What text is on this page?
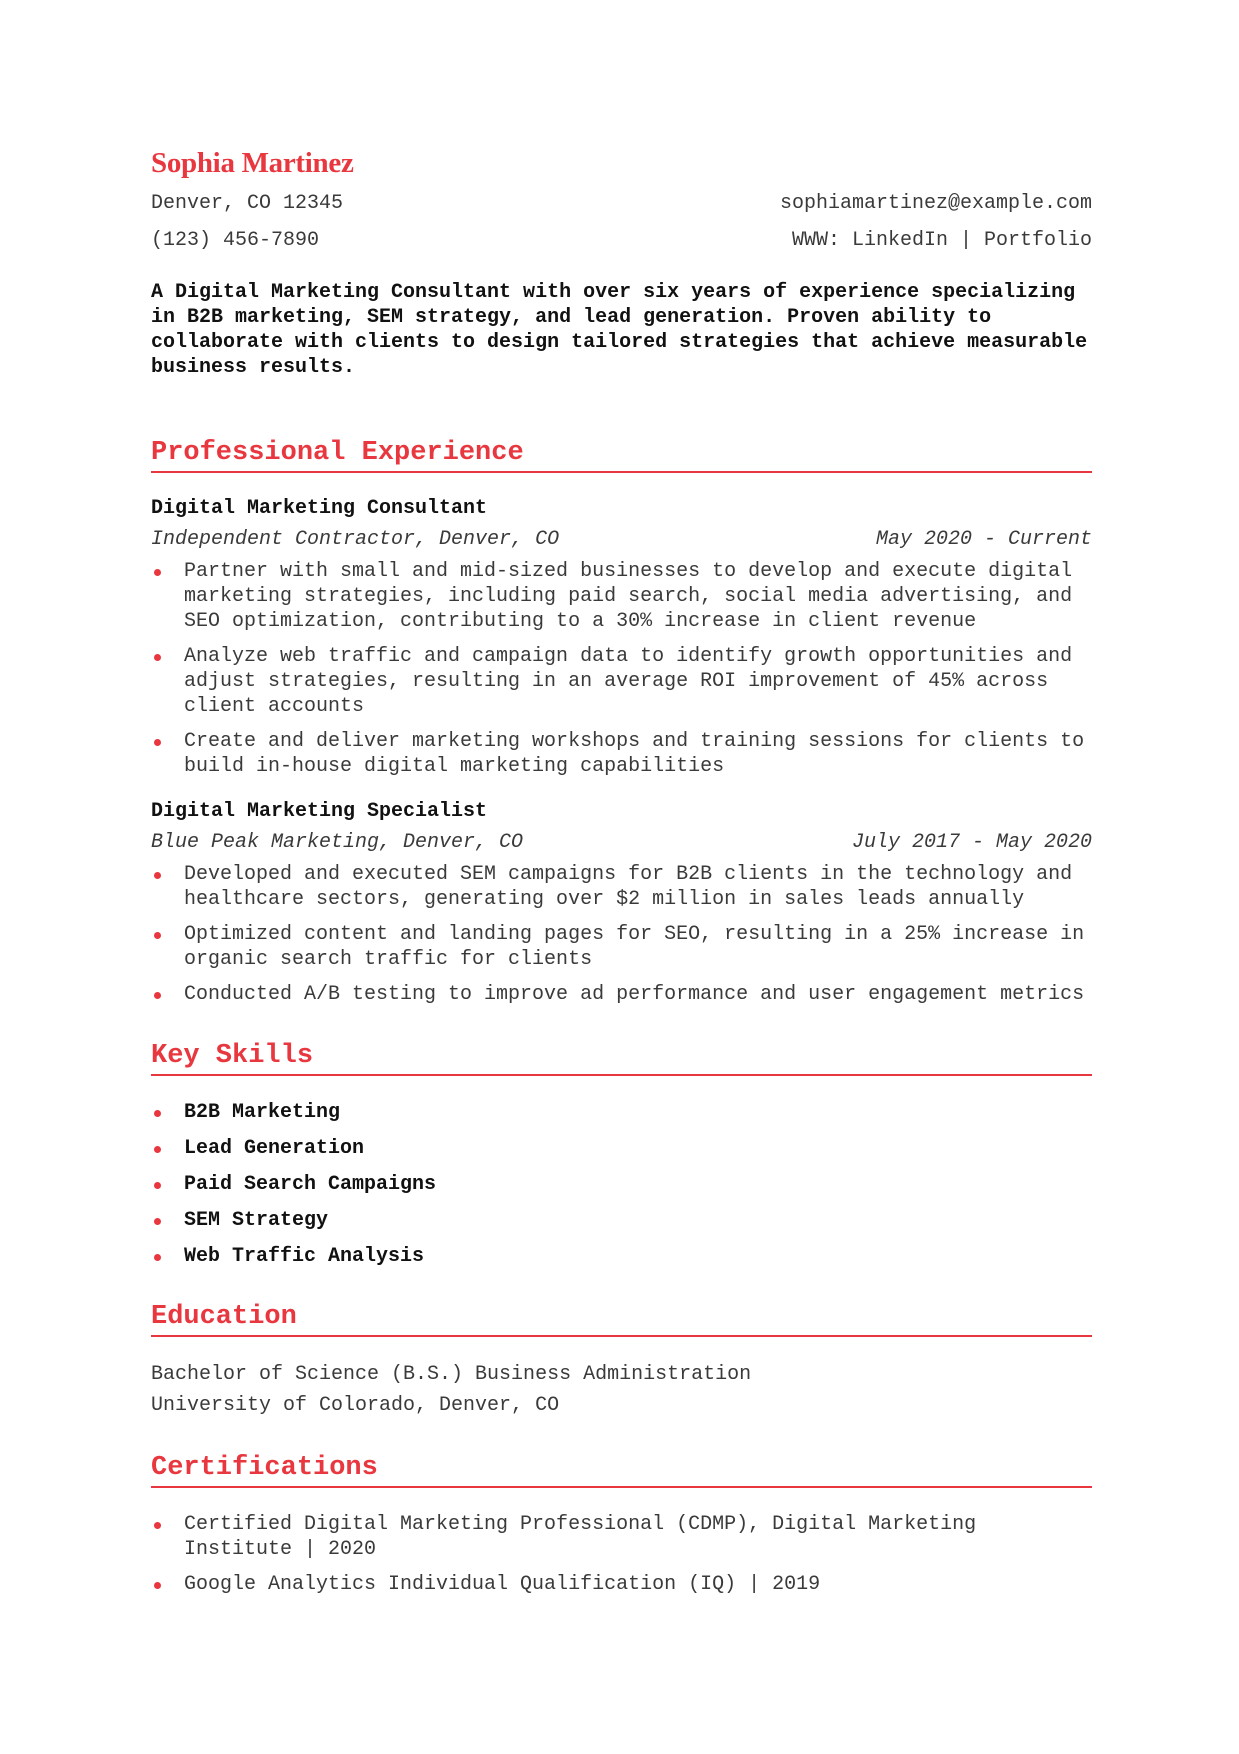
Sophia Martinez
Denver, CO 12345	sophiamartinez@example.com
(123) 456-7890	WWW: LinkedIn | Portfolio
A Digital Marketing Consultant with over six years of experience specializing in B2B marketing, SEM strategy, and lead generation. Proven ability to collaborate with clients to design tailored strategies that achieve measurable business results.
Professional Experience
Digital Marketing Consultant
Independent Contractor, Denver, CO	May 2020 - Current
Partner with small and mid-sized businesses to develop and execute digital marketing strategies, including paid search, social media advertising, and SEO optimization, contributing to a 30% increase in client revenue
Analyze web traffic and campaign data to identify growth opportunities and adjust strategies, resulting in an average ROI improvement of 45% across client accounts
Create and deliver marketing workshops and training sessions for clients to build in-house digital marketing capabilities
Digital Marketing Specialist
Blue Peak Marketing, Denver, CO	July 2017 - May 2020
Developed and executed SEM campaigns for B2B clients in the technology and healthcare sectors, generating over $2 million in sales leads annually
Optimized content and landing pages for SEO, resulting in a 25% increase in organic search traffic for clients
Conducted A/B testing to improve ad performance and user engagement metrics
Key Skills
B2B Marketing
Lead Generation
Paid Search Campaigns
SEM Strategy
Web Traffic Analysis
Education
Bachelor of Science (B.S.) Business Administration
University of Colorado, Denver, CO
Certifications
Certified Digital Marketing Professional (CDMP), Digital Marketing Institute | 2020
Google Analytics Individual Qualification (IQ) | 2019
